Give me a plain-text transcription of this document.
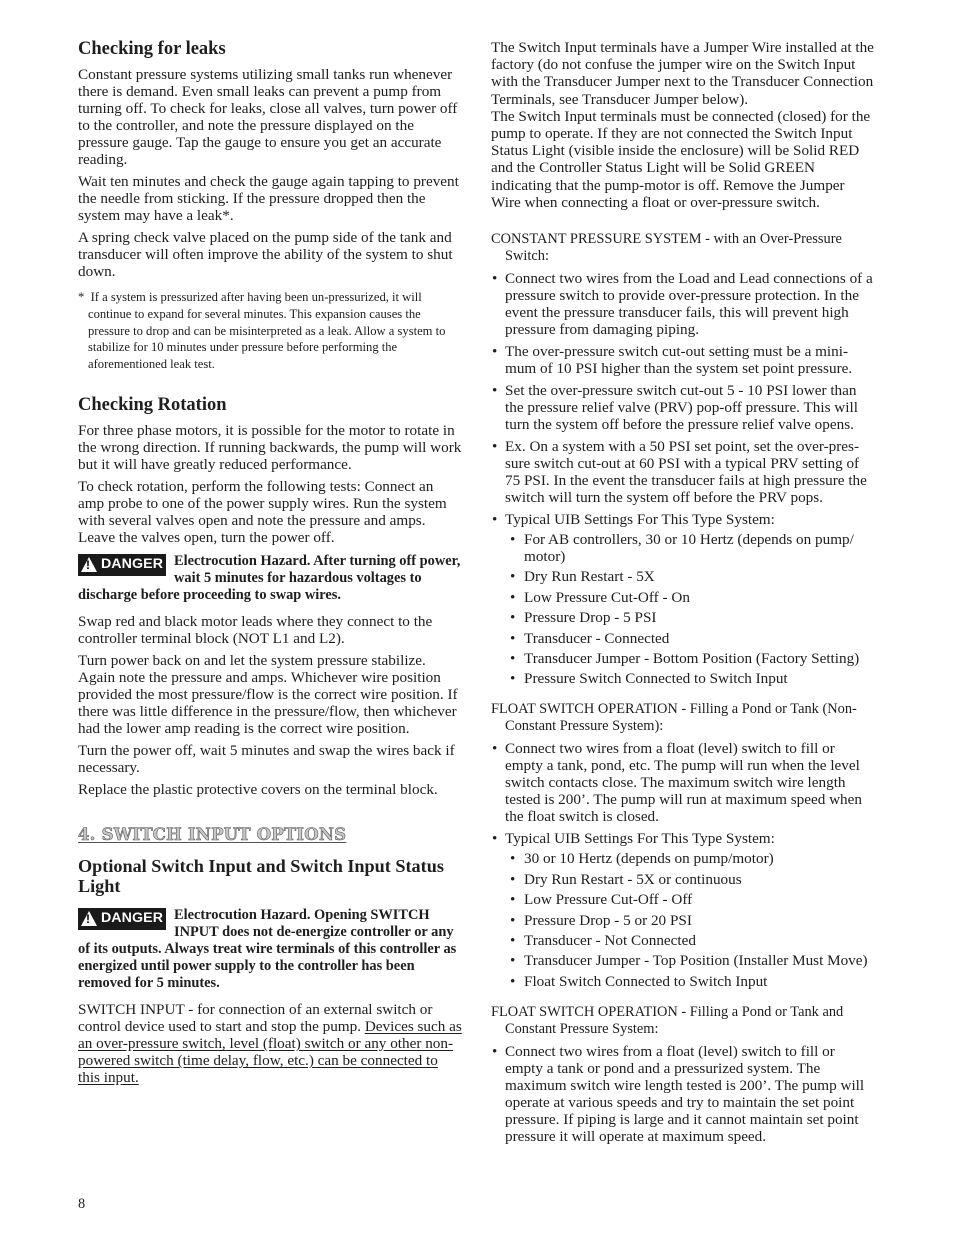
Checking for leaks

Constant pressure systems utilizing small tanks run whenever there is demand. Even small leaks can prevent a pump from turning off. To check for leaks, close all valves, turn power off to the controller, and note the pressure displayed on the pressure gauge. Tap the gauge to ensure you get an accurate reading.

Wait ten minutes and check the gauge again tapping to prevent the needle from sticking. If the pressure dropped then the system may have a leak*.

A spring check valve placed on the pump side of the tank and transducer will often improve the ability of the system to shut down.

* If a system is pressurized after having been un-pressurized, it will continue to expand for several minutes. This expansion causes the pressure to drop and can be misinterpreted as a leak. Allow a system to stabilize for 10 minutes under pressure before performing the aforementioned leak test.

Checking Rotation

For three phase motors, it is possible for the motor to rotate in the wrong direction. If running backwards, the pump will work but it will have greatly reduced performance.

To check rotation, perform the following tests: Connect an amp probe to one of the power supply wires. Run the system with several valves open and note the pressure and amps. Leave the valves open, turn the power off.

!
DANGER Electrocution Hazard. After turning off power, wait 5 minutes for hazardous voltages to discharge before proceeding to swap wires.

Swap red and black motor leads where they connect to the controller terminal block (NOT L1 and L2).

Turn power back on and let the system pressure stabilize. Again note the pressure and amps. Whichever wire position provided the most pressure/flow is the correct wire position. If there was little difference in the pressure/flow, then whichever had the lower amp reading is the correct wire position.

Turn the power off, wait 5 minutes and swap the wires back if necessary.

Replace the plastic protective covers on the terminal block.

4. SWITCH INPUT OPTIONS
Optional Switch Input and Switch Input Status Light
!
DANGER Electrocution Hazard. Opening SWITCH INPUT does not de-energize controller or any of its outputs. Always treat wire terminals of this controller as energized until power supply to the controller has been removed for 5 minutes.

SWITCH INPUT - for connection of an external switch or control device used to start and stop the pump. Devices such as an over-pressure switch, level (float) switch or any other non-powered switch (time delay, flow, etc.) can be connected to this input.

8

The Switch Input terminals have a Jumper Wire installed at the factory (do not confuse the jumper wire on the Switch Input with the Transducer Jumper next to the Transducer Connection Terminals, see Transducer Jumper below).

The Switch Input terminals must be connected (closed) for the pump to operate. If they are not connected the Switch Input Status Light (visible inside the enclosure) will be Solid RED and the Controller Status Light will be Solid GREEN indicating that the pump-motor is off. Remove the Jumper Wire when connecting a float or over-pressure switch.

CONSTANT PRESSURE SYSTEM - with an Over-Pressure Switch:
• Connect two wires from the Load and Lead connections of a pressure switch to provide over-pressure protection. In the event the pressure transducer fails, this will prevent high pressure from damaging piping.
• The over-pressure switch cut-out setting must be a mini-mum of 10 PSI higher than the system set point pressure.
• Set the over-pressure switch cut-out 5 - 10 PSI lower than the pressure relief valve (PRV) pop-off pressure. This will turn the system off before the pressure relief valve opens.
• Ex. On a system with a 50 PSI set point, set the over-pres-sure switch cut-out at 60 PSI with a typical PRV setting of 75 PSI. In the event the transducer fails at high pressure the switch will turn the system off before the PRV pops.
• Typical UIB Settings For This Type System:
• For AB controllers, 30 or 10 Hertz (depends on pump/ motor)
• Dry Run Restart - 5X
• Low Pressure Cut-Off - On
• Pressure Drop - 5 PSI
• Transducer - Connected
• Transducer Jumper - Bottom Position (Factory Setting)
• Pressure Switch Connected to Switch Input
FLOAT SWITCH OPERATION - Filling a Pond or Tank (Non-Constant Pressure System):
• Connect two wires from a float (level) switch to fill or empty a tank, pond, etc. The pump will run when the level switch contacts close. The maximum switch wire length tested is 200’. The pump will run at maximum speed when the float switch is closed.
• Typical UIB Settings For This Type System:
• 30 or 10 Hertz (depends on pump/motor)
• Dry Run Restart - 5X or continuous
• Low Pressure Cut-Off - Off
• Pressure Drop - 5 or 20 PSI
• Transducer - Not Connected
• Transducer Jumper - Top Position (Installer Must Move)
• Float Switch Connected to Switch Input
FLOAT SWITCH OPERATION - Filling a Pond or Tank and Constant Pressure System:
• Connect two wires from a float (level) switch to fill or empty a tank or pond and a pressurized system. The maximum switch wire length tested is 200’. The pump will operate at various speeds and try to maintain the set point pressure. If piping is large and it cannot maintain set point pressure it will operate at maximum speed.
